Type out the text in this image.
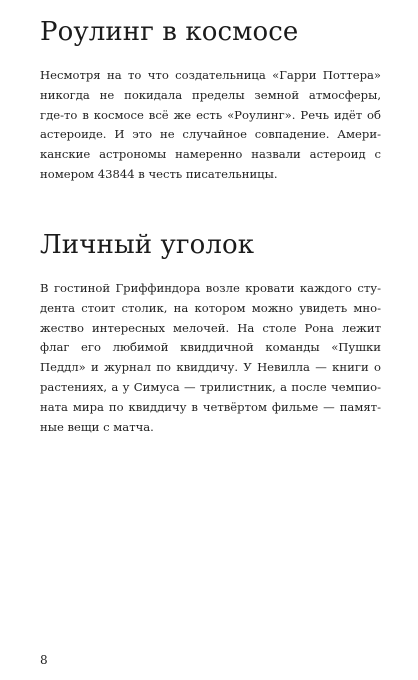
Роулинг в космосе

Несмотря на то что создательница «Гарри Поттера»
никогда не покидала пределы земной атмосферы,
где-то в космосе всё же есть «Роулинг». Речь идёт об
астероиде. И это не случайное совпадение. Амери-
канские астрономы намеренно назвали астероид с
номером 43844 в честь писательницы.

Личный уголок

В гостиной Гриффиндора возле кровати каждого сту-
дента стоит столик, на котором можно увидеть мно-
жество интересных мелочей. На столе Рона лежит
флаг его любимой квиддичной команды «Пушки
Педдл» и журнал по квиддичу. У Невилла — книги о
растениях, а у Симуса — трилистник, а после чемпио-
ната мира по квиддичу в четвёртом фильме — памят-
ные вещи с матча.

8
